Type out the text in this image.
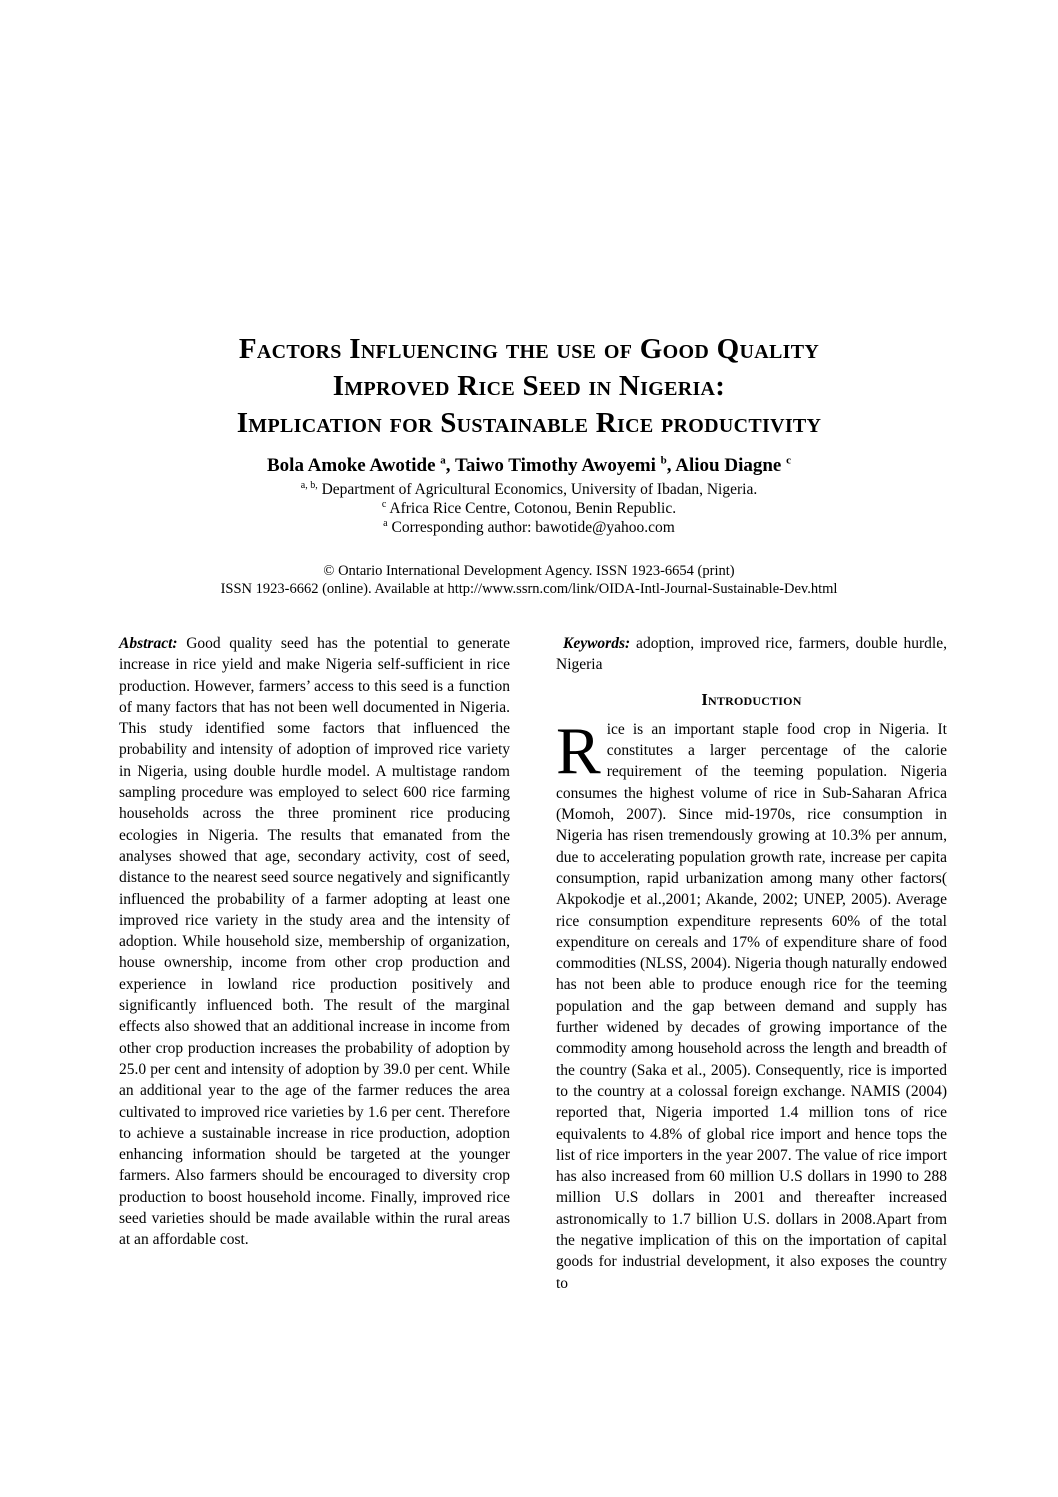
Factors Influencing the use of Good Quality
Improved Rice Seed in Nigeria:
Implication for Sustainable Rice productivity
Bola Amoke Awotide $^a$, Taiwo Timothy Awoyemi $^b$, Aliou Diagne $^c$
$^{a, b,}$ Department of Agricultural Economics, University of Ibadan, Nigeria.
$^c$ Africa Rice Centre, Cotonou, Benin Republic.
$^a$ Corresponding author: bawotide@yahoo.com
© Ontario International Development Agency. ISSN 1923-6654 (print)
ISSN 1923-6662 (online). Available at http://www.ssrn.com/link/OIDA-Intl-Journal-Sustainable-Dev.html

Abstract: Good quality seed has the potential to generate increase in rice yield and make Nigeria self-sufficient in rice production. However, farmers’ access to this seed is a function of many factors that has not been well documented in Nigeria. This study identified some factors that influenced the probability and intensity of adoption of improved rice variety in Nigeria, using double hurdle model. A multistage random sampling procedure was employed to select 600 rice farming households across the three prominent rice producing ecologies in Nigeria. The results that emanated from the analyses showed that age, secondary activity, cost of seed, distance to the nearest seed source negatively and significantly influenced the probability of a farmer adopting at least one improved rice variety in the study area and the intensity of adoption. While household size, membership of organization, house ownership, income from other crop production and experience in lowland rice production positively and significantly influenced both. The result of the marginal effects also showed that an additional increase in income from other crop production increases the probability of adoption by 25.0 per cent and intensity of adoption by 39.0 per cent. While an additional year to the age of the farmer reduces the area cultivated to improved rice varieties by 1.6 per cent. Therefore to achieve a sustainable increase in rice production, adoption enhancing information should be targeted at the younger farmers. Also farmers should be encouraged to diversity crop production to boost household income. Finally, improved rice seed varieties should be made available within the rural areas at an affordable cost.

Keywords: adoption, improved rice, farmers, double hurdle, Nigeria

Introduction

Rice is an important staple food crop in Nigeria. It constitutes a larger percentage of the calorie requirement of the teeming population. Nigeria consumes the highest volume of rice in Sub-Saharan Africa (Momoh, 2007). Since mid-1970s, rice consumption in Nigeria has risen tremendously growing at 10.3% per annum, due to accelerating population growth rate, increase per capita consumption, rapid urbanization among many other factors( Akpokodje et al.,2001; Akande, 2002; UNEP, 2005). Average rice consumption expenditure represents 60% of the total expenditure on cereals and 17% of expenditure share of food commodities (NLSS, 2004). Nigeria though naturally endowed has not been able to produce enough rice for the teeming population and the gap between demand and supply has further widened by decades of growing importance of the commodity among household across the length and breadth of the country (Saka et al., 2005). Consequently, rice is imported to the country at a colossal foreign exchange. NAMIS (2004) reported that, Nigeria imported 1.4 million tons of rice equivalents to 4.8% of global rice import and hence tops the list of rice importers in the year 2007. The value of rice import has also increased from 60 million U.S dollars in 1990 to 288 million U.S dollars in 2001 and thereafter increased astronomically to 1.7 billion U.S. dollars in 2008.Apart from the negative implication of this on the importation of capital goods for industrial development, it also exposes the country to
